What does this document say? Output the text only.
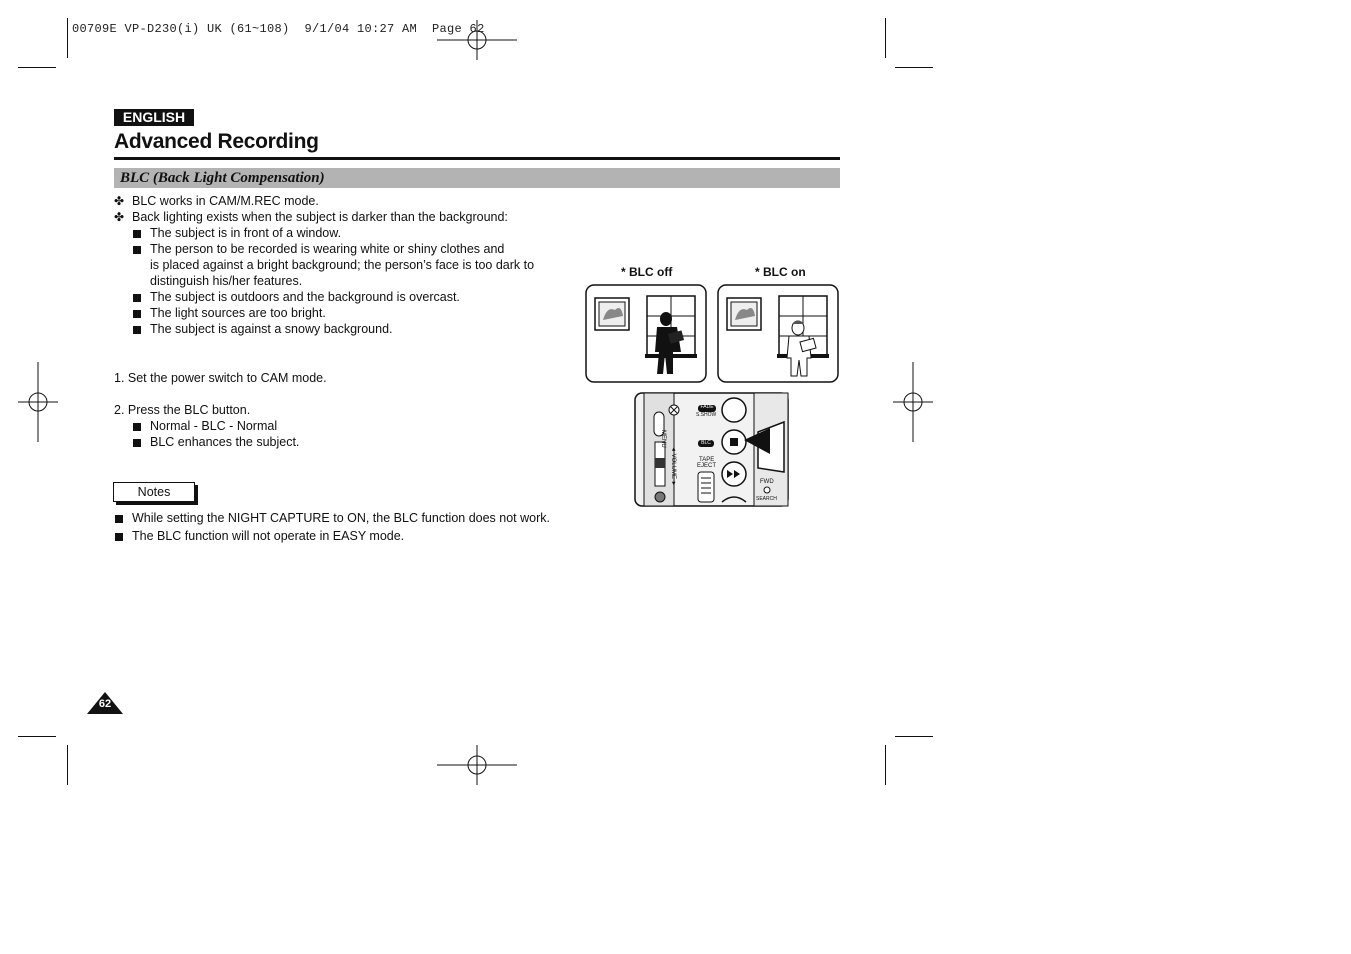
00709E VP-D230(i) UK (61~108)  9/1/04 10:27 AM  Page 62
ENGLISH
Advanced Recording
BLC (Back Light Compensation)
✤ BLC works in CAM/M.REC mode.
✤ Back lighting exists when the subject is darker than the background:
The subject is in front of a window.
The person to be recorded is wearing white or shiny clothes and
is placed against a bright background; the person’s face is too dark to
distinguish his/her features.
The subject is outdoors and the background is overcast.
The light sources are too bright.
The subject is against a snowy background.
1. Set the power switch to CAM mode.
2. Press the BLC button.
Normal - BLC - Normal
BLC enhances the subject.
Notes
While setting the NIGHT CAPTURE to ON, the BLC function does not work.
The BLC function will not operate in EASY mode.
* BLC off	* BLC on
FADE
S.SHOW
BLC
TAPE
EJECT
MENU
◄ VOLUME ►	FWD
SEARCH
62
